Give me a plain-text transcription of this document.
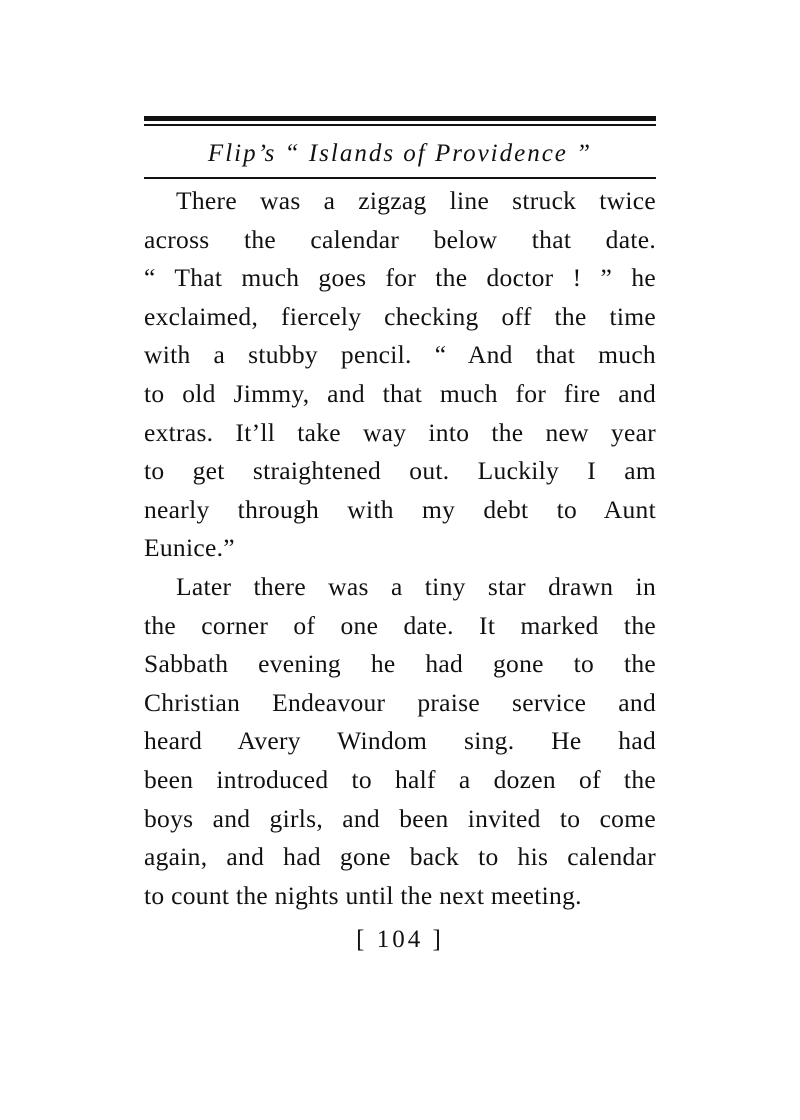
Flip’s “ Islands of Providence ”
There was a zigzag line struck twice
across the calendar below that date.
“ That much goes for the doctor ! ” he
exclaimed, fiercely checking off the time
with a stubby pencil. “ And that much
to old Jimmy, and that much for fire and
extras. It’ll take way into the new year
to get straightened out. Luckily I am
nearly through with my debt to Aunt
Eunice.”
Later there was a tiny star drawn in
the corner of one date. It marked the
Sabbath evening he had gone to the
Christian Endeavour praise service and
heard Avery Windom sing. He had
been introduced to half a dozen of the
boys and girls, and been invited to come
again, and had gone back to his calendar
to count the nights until the next meeting.
[ 104 ]
